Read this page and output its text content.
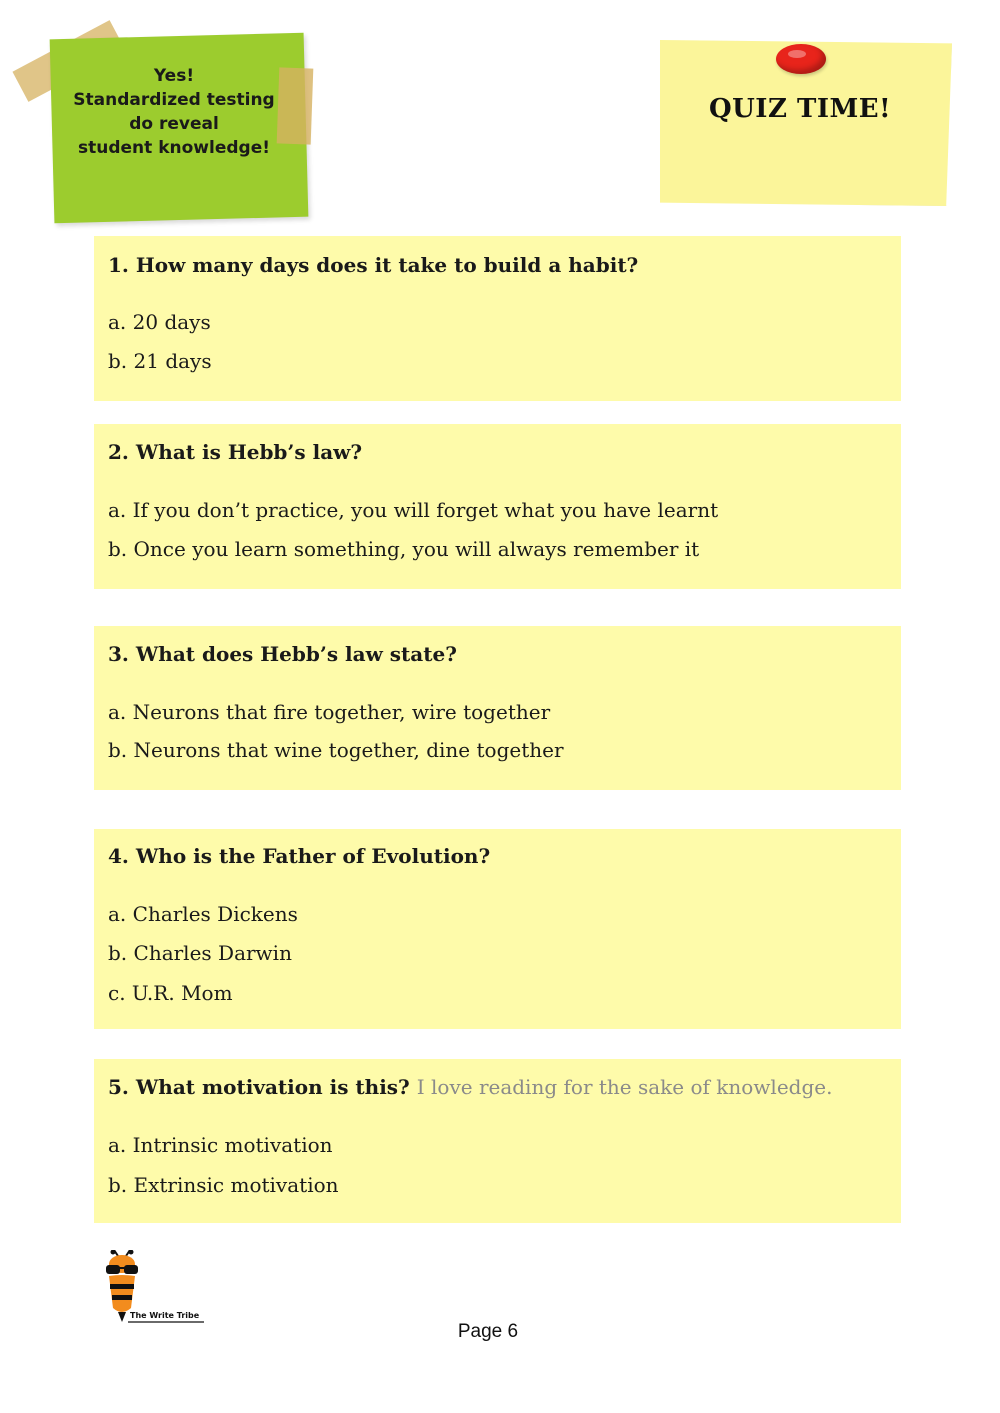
Yes!
Standardized testing
do reveal
student knowledge!
QUIZ TIME!
1. How many days does it take to build a habit?
a. 20 days
b. 21 days
2. What is Hebb’s law?
a. If you don’t practice, you will forget what you have learnt
b. Once you learn something, you will always remember it
3. What does Hebb’s law state?
a. Neurons that fire together, wire together
b. Neurons that wine together, dine together
4. Who is the Father of Evolution?
a. Charles Dickens
b. Charles Darwin
c. U.R. Mom
5. What motivation is this? I love reading for the sake of knowledge.
a. Intrinsic motivation
b. Extrinsic motivation
The Write Tribe
Page 6
